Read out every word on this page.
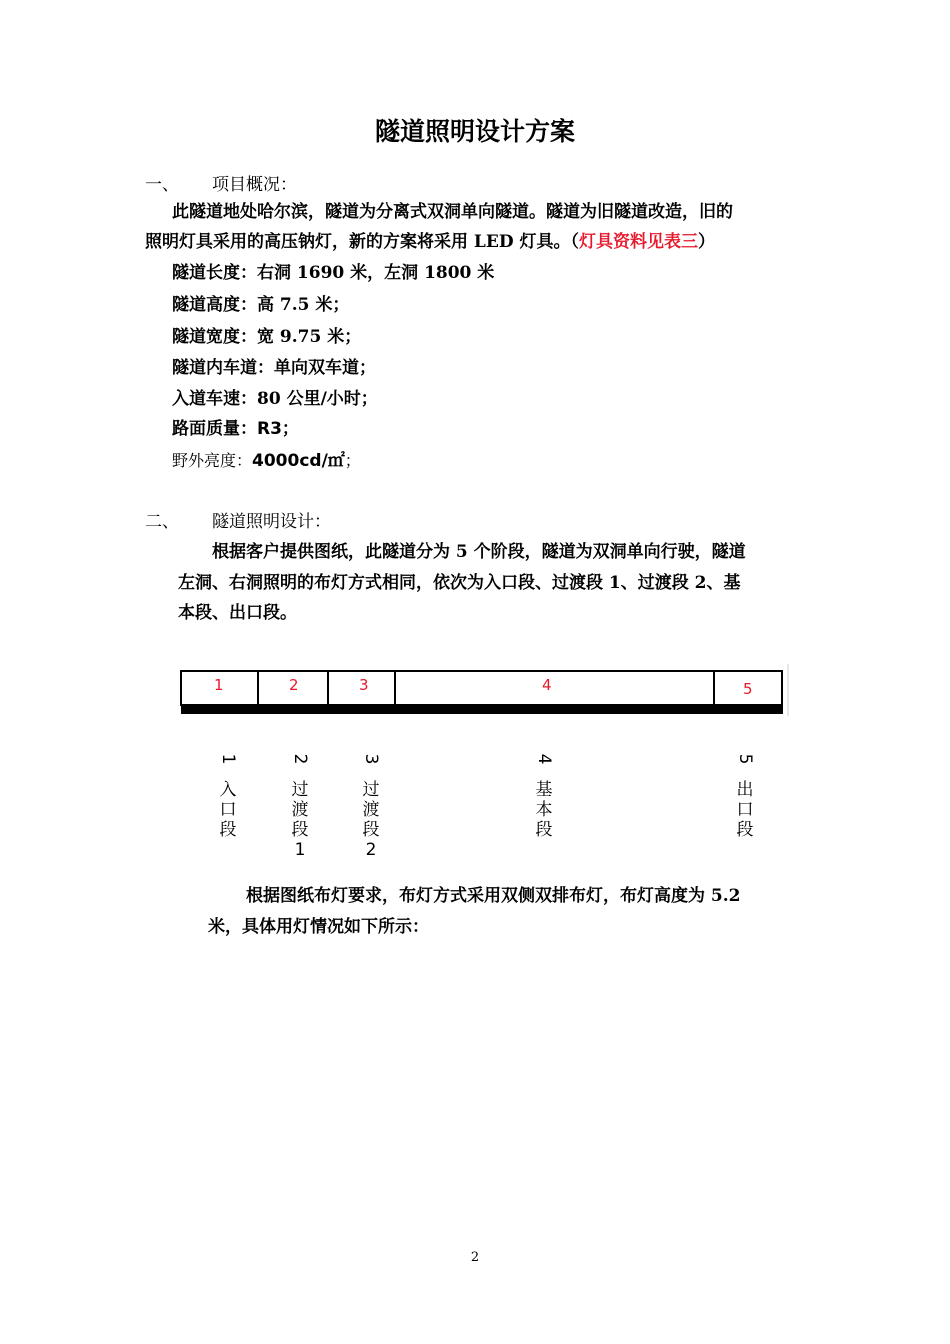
隧道照明设计方案
一、 项目概况：
此隧道地处哈尔滨，隧道为分离式双洞单向隧道。隧道为旧隧道改造，旧的
照明灯具采用的高压钠灯，新的方案将采用 LED 灯具。（灯具资料见表三）
隧道长度：右洞 1690 米，左洞 1800 米
隧道高度：高 7.5 米；
隧道宽度：宽 9.75 米；
隧道内车道：单向双车道；
入道车速：80 公里/小时；
路面质量：R3；
野外亮度：4000cd/㎡；
二、 隧道照明设计：
根据客户提供图纸，此隧道分为 5 个阶段，隧道为双洞单向行驶，隧道
左洞、右洞照明的布灯方式相同，依次为入口段、过渡段 1、过渡段 2、基
本段、出口段。
1	2	3	4	5
1
入口段
2
过渡段1
3
过渡段2
4
基本段
5
出口段
根据图纸布灯要求，布灯方式采用双侧双排布灯，布灯高度为 5.2
米，具体用灯情况如下所示：
2
